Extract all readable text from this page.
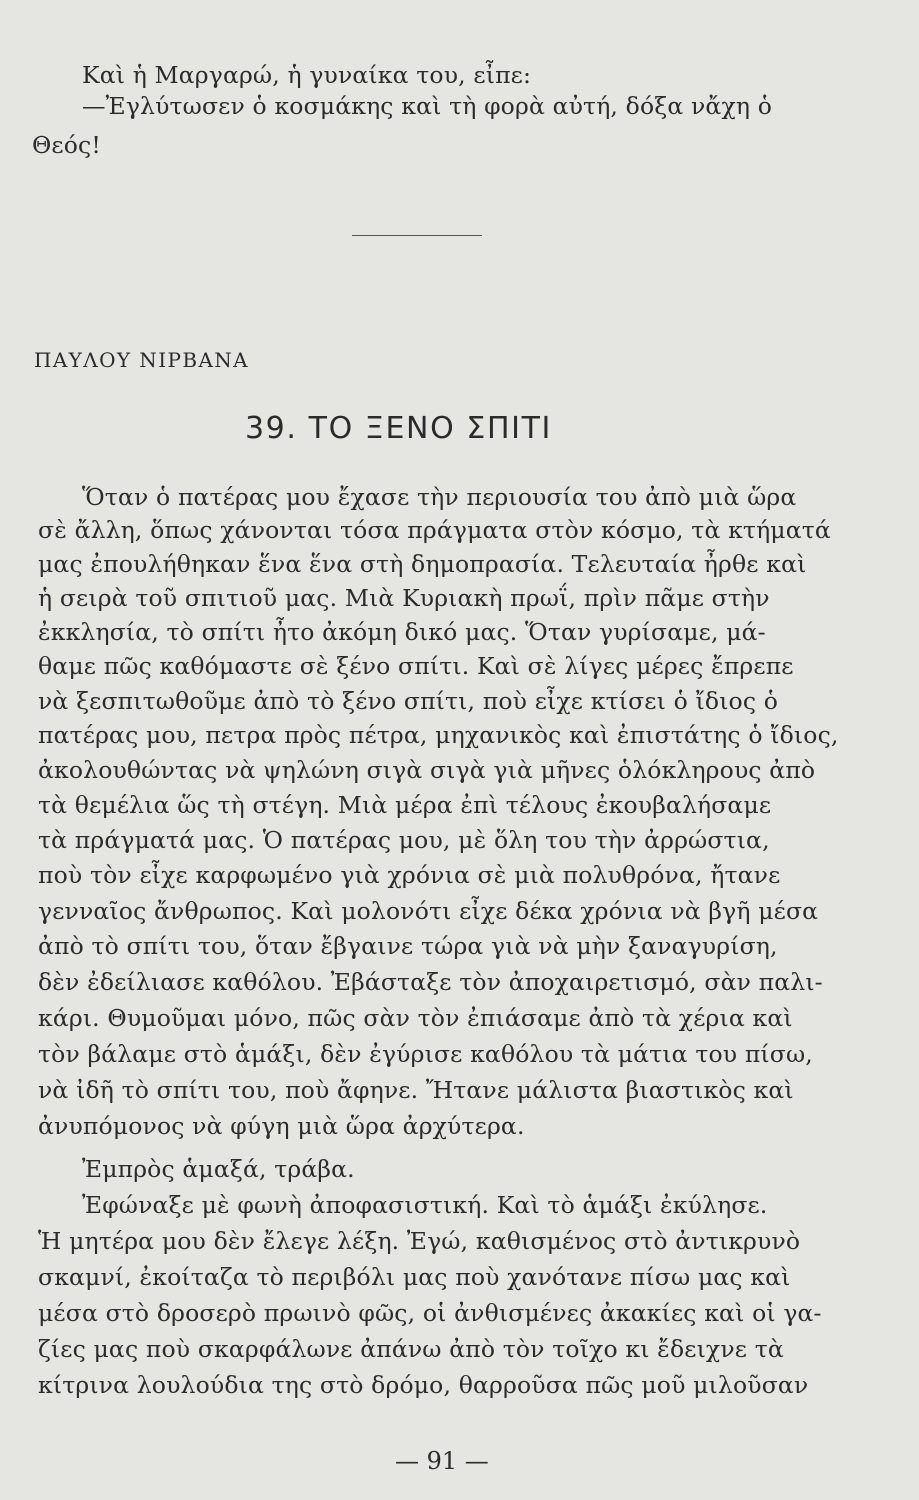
Καὶ ἡ Μαργαρώ, ἡ γυναίκα του, εἶπε:
—Ἐγλύτωσεν ὁ κοσμάκης καὶ τὴ φορὰ αὐτή, δόξα νἄχη ὁ
Θεός!
ΠΑΥΛΟΥ ΝΙΡΒΑΝΑ
39. ΤΟ ΞΕΝΟ ΣΠΙΤΙ
Ὅταν ὁ πατέρας μου ἔχασε τὴν περιουσία του ἀπὸ μιὰ ὥρα
σὲ ἄλλη, ὅπως χάνονται τόσα πράγματα στὸν κόσμο, τὰ κτήματά
μας ἐπουλήθηκαν ἕνα ἕνα στὴ δημοπρασία. Τελευταία ἦρθε καὶ
ἡ σειρὰ τοῦ σπιτιοῦ μας. Μιὰ Κυριακὴ πρωΐ, πρὶν πᾶμε στὴν
ἐκκλησία, τὸ σπίτι ἦτο ἀκόμη δικό μας. Ὅταν γυρίσαμε, μά-
θαμε πῶς καθόμαστε σὲ ξένο σπίτι. Καὶ σὲ λίγες μέρες ἔπρεπε
νὰ ξεσπιτωθοῦμε ἀπὸ τὸ ξένο σπίτι, ποὺ εἶχε κτίσει ὁ ἴδιος ὁ
πατέρας μου, πετρα πρὸς πέτρα, μηχανικὸς καὶ ἐπιστάτης ὁ ἴδιος,
ἀκολουθώντας νὰ ψηλώνη σιγὰ σιγὰ γιὰ μῆνες ὁλόκληρους ἀπὸ
τὰ θεμέλια ὥς τὴ στέγη. Μιὰ μέρα ἐπὶ τέλους ἐκουβαλήσαμε
τὰ πράγματά μας. Ὁ πατέρας μου, μὲ ὅλη του τὴν ἀρρώστια,
ποὺ τὸν εἶχε καρφωμένο γιὰ χρόνια σὲ μιὰ πολυθρόνα, ἤτανε
γενναῖος ἄνθρωπος. Καὶ μολονότι εἶχε δέκα χρόνια νὰ βγῆ μέσα
ἀπὸ τὸ σπίτι του, ὅταν ἔβγαινε τώρα γιὰ νὰ μὴν ξαναγυρίση,
δὲν ἐδείλιασε καθόλου. Ἐβάσταξε τὸν ἀποχαιρετισμό, σὰν παλι-
κάρι. Θυμοῦμαι μόνο, πῶς σὰν τὸν ἐπιάσαμε ἀπὸ τὰ χέρια καὶ
τὸν βάλαμε στὸ ἁμάξι, δὲν ἐγύρισε καθόλου τὰ μάτια του πίσω,
νὰ ἰδῆ τὸ σπίτι του, ποὺ ἄφηνε. Ἤτανε μάλιστα βιαστικὸς καὶ
ἀνυπόμονος νὰ φύγη μιὰ ὥρα ἀρχύτερα.
Ἐμπρὸς ἁμαξά, τράβα.
Ἐφώναξε μὲ φωνὴ ἀποφασιστική. Καὶ τὸ ἁμάξι ἐκύλησε.
Ἡ μητέρα μου δὲν ἔλεγε λέξη. Ἐγώ, καθισμένος στὸ ἀντικρυνὸ
σκαμνί, ἐκοίταζα τὸ περιβόλι μας ποὺ χανότανε πίσω μας καὶ
μέσα στὸ δροσερὸ πρωινὸ φῶς, οἱ ἀνθισμένες ἀκακίες καὶ οἱ γα-
ζίες μας ποὺ σκαρφάλωνε ἀπάνω ἀπὸ τὸν τοῖχο κι ἔδειχνε τὰ
κίτρινα λουλούδια της στὸ δρόμο, θαρροῦσα πῶς μοῦ μιλοῦσαν
— 91 —
